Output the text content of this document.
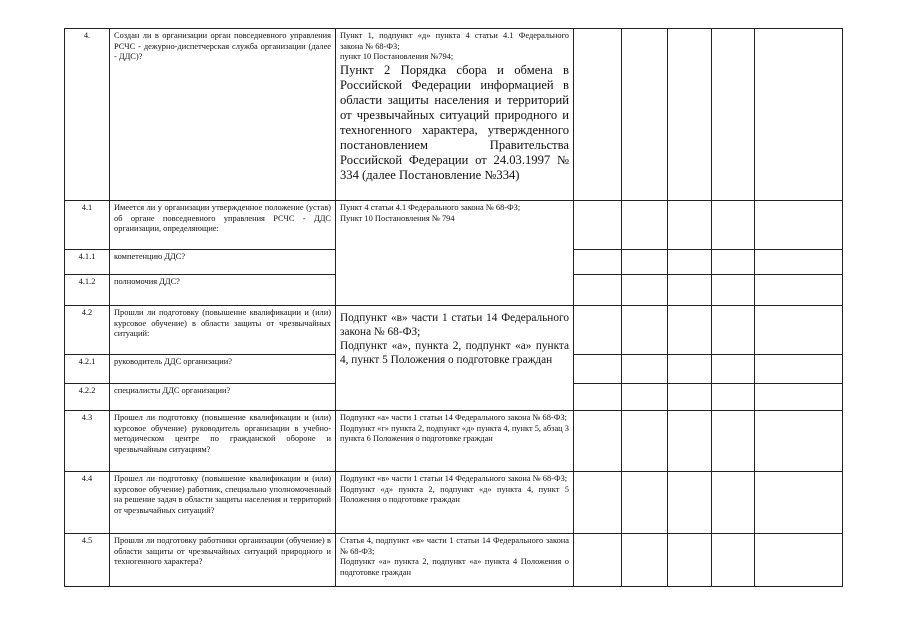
4.	Создан ли в организации орган повседневного управления РСЧС - дежурно-диспетчерская служба организации (далее - ДДС)?	Пункт 1, подпункт «д» пункта 4 статьи 4.1 Федерального закона № 68-ФЗ;
пункт 10 Постановления №794;
Пункт 2 Порядка сбора и обмена в Российской Федерации информацией в области защиты населения и территорий от чрезвычайных ситуаций природного и техногенного характера, утвержденного постановлением Правительства Российской Федерации от 24.03.1997 № 334 (далее Постановление №334)					

4.1	Имеется ли у организации утвержденное положение (устав) об органе повседневного управления РСЧС - ДДС организации, определяющие:	Пункт 4 статьи 4.1 Федерального закона № 68-ФЗ;
Пункт 10 Постановления № 794					

4.1.1	компетенцию ДДС?						
4.1.2	полномочия ДДС?						
4.2	Прошли ли подготовку (повышение квалификации и (или) курсовое обучение) в области защиты от чрезвычайных ситуаций:	Подпункт «в» части 1 статьи 14 Федерального закона № 68-ФЗ;
Подпункт «а», пункта 2, подпункт «а» пункта 4, пункт 5 Положения о подготовке граждан					

4.2.1	руководитель ДДС организации?						
4.2.2	специалисты ДДС организации?						
4.3	Прошел ли подготовку (повышение квалификации и (или) курсовое обучение) руководитель организации в учебно-методическом центре по гражданской обороне и чрезвычайным ситуациям?	Подпункт «а» части 1 статьи 14 Федерального закона № 68-ФЗ;
Подпункт «г» пункта 2, подпункт «д» пункта 4, пункт 5, абзац 3 пункта 6 Положения о подготовке граждан					

4.4	Прошел ли подготовку (повышение квалификации и (или) курсовое обучение) работник, специально уполномоченный на решение задач в области защиты населения и территорий от чрезвычайных ситуаций?	Подпункт «в» части 1 статьи 14 Федерального закона № 68-ФЗ;
Подпункт «д» пункта 2, подпункт «д» пункта 4, пункт 5 Положения о подготовке граждан					

4.5	Прошли ли подготовку работники организации (обучение) в области защиты от чрезвычайных ситуаций природного и техногенного характера?	Статья 4, подпункт «в» части 1 статьи 14 Федерального закона № 68-ФЗ;
Подпункт «а» пункта 2, подпункт «а» пункта 4 Положения о подготовке граждан					
